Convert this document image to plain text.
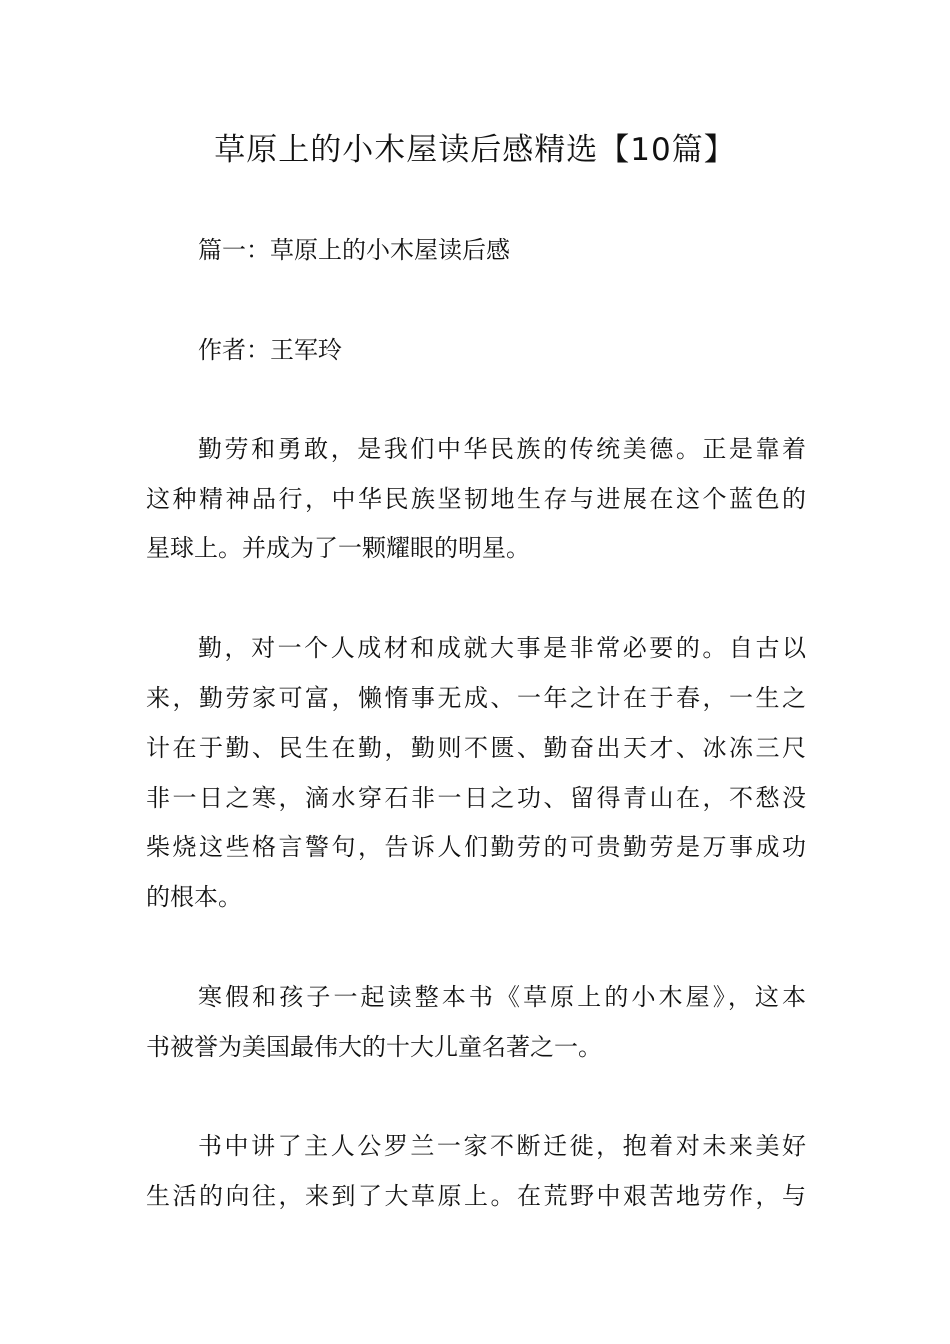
草原上的小木屋读后感精选【10篇】
篇一：草原上的小木屋读后感
作者：王军玲
勤劳和勇敢，是我们中华民族的传统美德。正是靠着
这种精神品行，中华民族坚韧地生存与进展在这个蓝色的
星球上。并成为了一颗耀眼的明星。
勤，对一个人成材和成就大事是非常必要的。自古以
来，勤劳家可富，懒惰事无成、一年之计在于春，一生之
计在于勤、民生在勤，勤则不匮、勤奋出天才、冰冻三尺
非一日之寒，滴水穿石非一日之功、留得青山在，不愁没
柴烧这些格言警句，告诉人们勤劳的可贵勤劳是万事成功
的根本。
寒假和孩子一起读整本书《草原上的小木屋》，这本
书被誉为美国最伟大的十大儿童名著之一。
书中讲了主人公罗兰一家不断迁徙，抱着对未来美好
生活的向往，来到了大草原上。在荒野中艰苦地劳作，与
